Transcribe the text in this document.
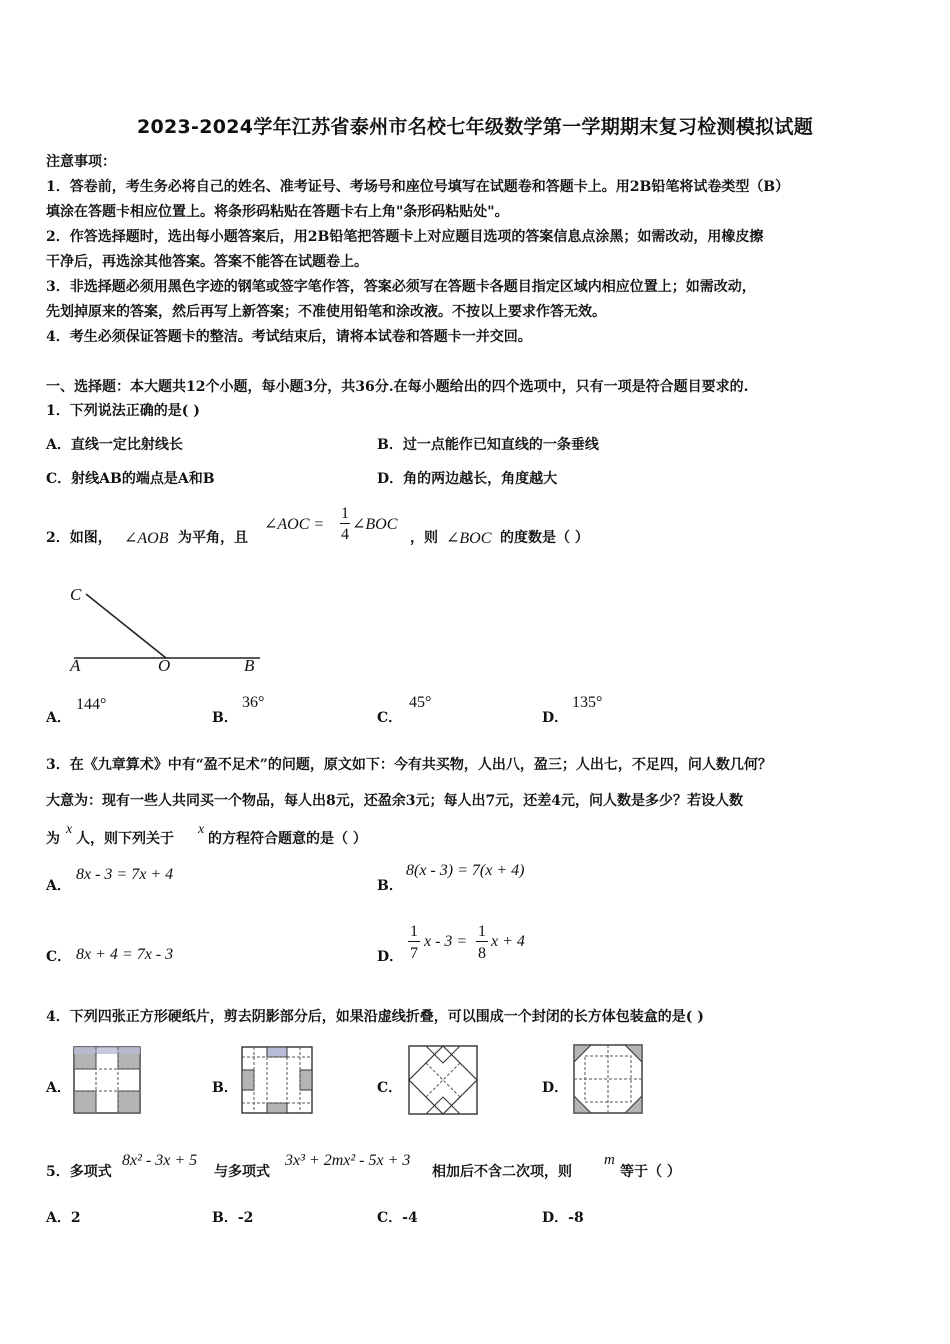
2023-2024学年江苏省泰州市名校七年级数学第一学期期末复习检测模拟试题
注意事项：
1．答卷前，考生务必将自己的姓名、准考证号、考场号和座位号填写在试题卷和答题卡上。用2B铅笔将试卷类型（B）
填涂在答题卡相应位置上。将条形码粘贴在答题卡右上角"条形码粘贴处"。
2．作答选择题时，选出每小题答案后，用2B铅笔把答题卡上对应题目选项的答案信息点涂黑；如需改动，用橡皮擦
干净后，再选涂其他答案。答案不能答在试题卷上。
3．非选择题必须用黑色字迹的钢笔或签字笔作答，答案必须写在答题卡各题目指定区域内相应位置上；如需改动，
先划掉原来的答案，然后再写上新答案；不准使用铅笔和涂改液。不按以上要求作答无效。
4．考生必须保证答题卡的整洁。考试结束后，请将本试卷和答题卡一并交回。
一、选择题：本大题共12个小题，每小题3分，共36分.在每小题给出的四个选项中，只有一项是符合题目要求的.
1．下列说法正确的是( )
A．直线一定比射线长	B．过一点能作已知直线的一条垂线
C．射线AB的端点是A和B	D．角的两边越长，角度越大
2．如图， ∠AOB 为平角，且
∠AOC =
1
4
∠BOC
，则 ∠BOC 的度数是（ ）
C
A	O	B
A．
144°
B．
36°
C．
45°
D．
135°
3．在《九章算术》中有“盈不足术”的问题，原文如下：今有共买物，人出八，盈三；人出七，不足四，问人数几何？
大意为：现有一些人共同买一个物品，每人出8元，还盈余3元；每人出7元，还差4元，问人数是多少？若设人数
为
x
人，则下列关于
x
的方程符合题意的是（ ）
A．
8x - 3 = 7x + 4
B．
8(x - 3) = 7(x + 4)
C． 8x + 4 = 7x - 3	D．
1
7
x - 3 =
1
8
x + 4
4．下列四张正方形硬纸片，剪去阴影部分后，如果沿虚线折叠，可以围成一个封闭的长方体包装盒的是( )
A．	B．	C．	D．
5．多项式
8x² - 3x + 5
与多项式
3x³ + 2mx² - 5x + 3
相加后不含二次项，则
m
等于（ ）
A．2	B．-2	C．-4	D．-8
